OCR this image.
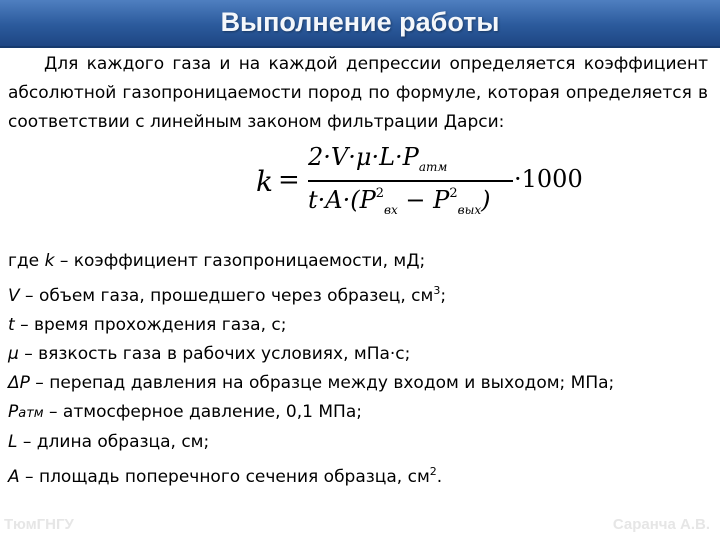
Выполнение работы

Для каждого газа и на каждой депрессии определяется коэффициент абсолютной газопроницаемости пород по формуле, которая определяется в соответствии с линейным законом фильтрации Дарси:

k =
$2\cdot V\cdot\mu\cdot L\cdot P_{атм}$
$t\cdot A\cdot(P^2_{вх} - P^2_{вых})$
·1000
где k – коэффициент газопроницаемости, мД;
V – объем газа, прошедшего через образец, $см^3$;
t – время прохождения газа, с;
μ – вязкость газа в рабочих условиях, мПа·с;
ΔP – перепад давления на образце между входом и выходом; МПа;
Pатм – атмосферное давление, 0,1 МПа;
L – длина образца, см;
A – площадь поперечного сечения образца, $см^2$.
ТюмГНГУ	Саранча А.В.
